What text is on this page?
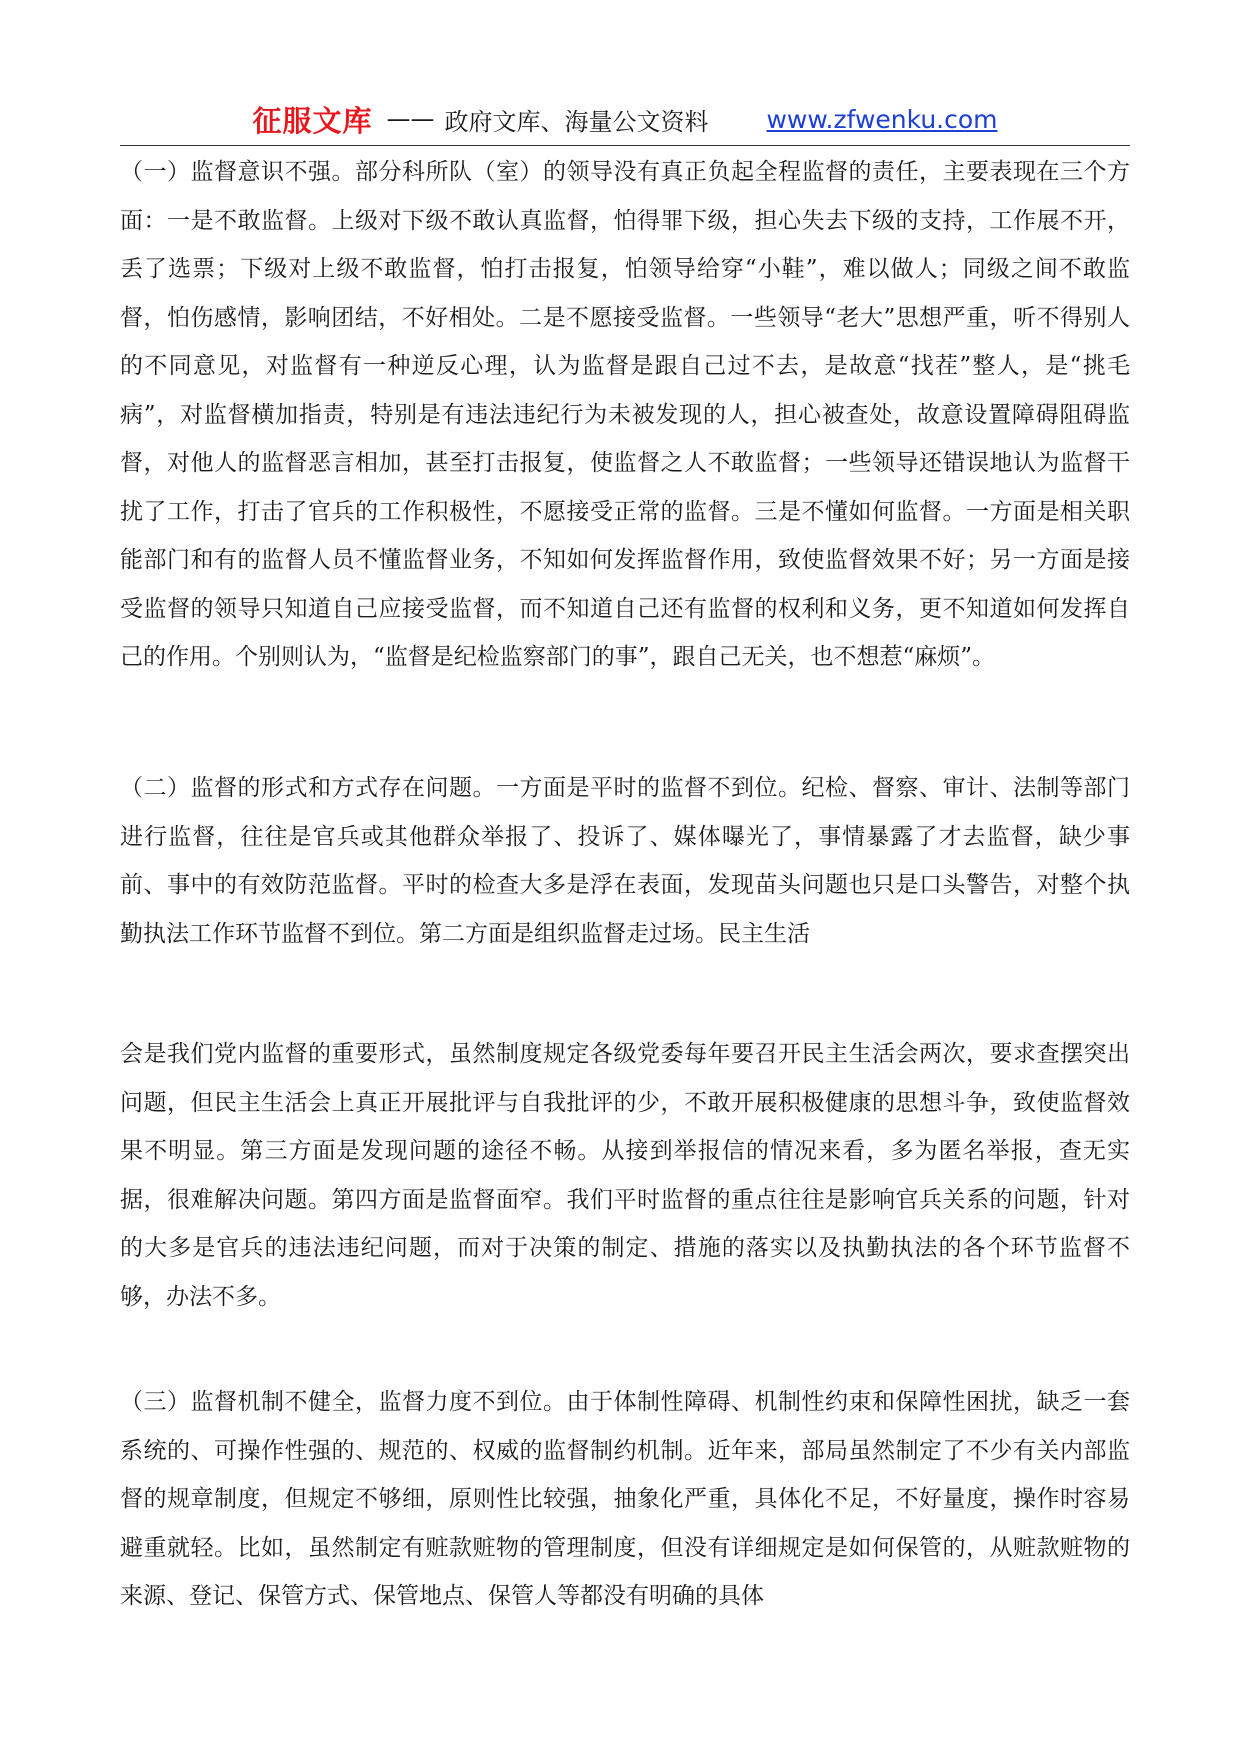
征服文库 —— 政府文库、海量公文资料 www.zfwenku.com

（一）监督意识不强。部分科所队（室）的领导没有真正负起全程监督的责任，主要表现在三个方面：一是不敢监督。上级对下级不敢认真监督，怕得罪下级，担心失去下级的支持，工作展不开，丢了选票；下级对上级不敢监督，怕打击报复，怕领导给穿“小鞋”，难以做人；同级之间不敢监督，怕伤感情，影响团结，不好相处。二是不愿接受监督。一些领导“老大”思想严重，听不得别人的不同意见，对监督有一种逆反心理，认为监督是跟自己过不去，是故意“找茬”整人，是“挑毛病”，对监督横加指责，特别是有违法违纪行为未被发现的人，担心被查处，故意设置障碍阻碍监督，对他人的监督恶言相加，甚至打击报复，使监督之人不敢监督；一些领导还错误地认为监督干扰了工作，打击了官兵的工作积极性，不愿接受正常的监督。三是不懂如何监督。一方面是相关职能部门和有的监督人员不懂监督业务，不知如何发挥监督作用，致使监督效果不好；另一方面是接受监督的领导只知道自己应接受监督，而不知道自己还有监督的权利和义务，更不知道如何发挥自己的作用。个别则认为，“监督是纪检监察部门的事”，跟自己无关，也不想惹“麻烦”。

（二）监督的形式和方式存在问题。一方面是平时的监督不到位。纪检、督察、审计、法制等部门进行监督，往往是官兵或其他群众举报了、投诉了、媒体曝光了，事情暴露了才去监督，缺少事前、事中的有效防范监督。平时的检查大多是浮在表面，发现苗头问题也只是口头警告，对整个执勤执法工作环节监督不到位。第二方面是组织监督走过场。民主生活

会是我们党内监督的重要形式，虽然制度规定各级党委每年要召开民主生活会两次，要求查摆突出问题，但民主生活会上真正开展批评与自我批评的少，不敢开展积极健康的思想斗争，致使监督效果不明显。第三方面是发现问题的途径不畅。从接到举报信的情况来看，多为匿名举报，查无实据，很难解决问题。第四方面是监督面窄。我们平时监督的重点往往是影响官兵关系的问题，针对的大多是官兵的违法违纪问题，而对于决策的制定、措施的落实以及执勤执法的各个环节监督不够，办法不多。

（三）监督机制不健全，监督力度不到位。由于体制性障碍、机制性约束和保障性困扰，缺乏一套系统的、可操作性强的、规范的、权威的监督制约机制。近年来，部局虽然制定了不少有关内部监督的规章制度，但规定不够细，原则性比较强，抽象化严重，具体化不足，不好量度，操作时容易避重就轻。比如，虽然制定有赃款赃物的管理制度，但没有详细规定是如何保管的，从赃款赃物的来源、登记、保管方式、保管地点、保管人等都没有明确的具体
